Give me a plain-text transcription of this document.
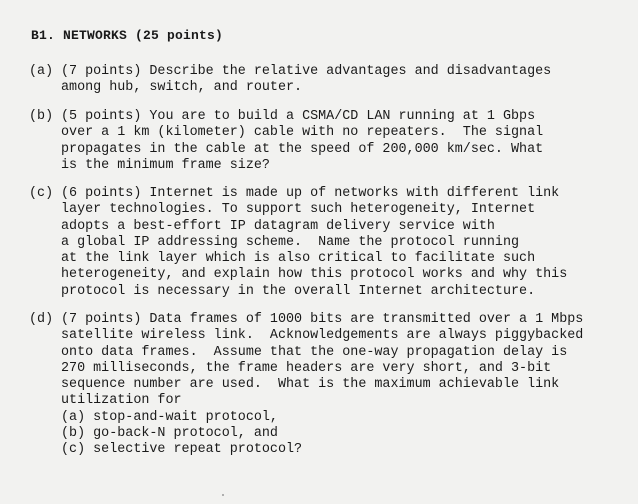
B1. NETWORKS (25 points)
(a) (7 points) Describe the relative advantages and disadvantages
among hub, switch, and router.
(b) (5 points) You are to build a CSMA/CD LAN running at 1 Gbps
over a 1 km (kilometer) cable with no repeaters.  The signal
propagates in the cable at the speed of 200,000 km/sec. What
is the minimum frame size?
(c) (6 points) Internet is made up of networks with different link
layer technologies. To support such heterogeneity, Internet
adopts a best-effort IP datagram delivery service with
a global IP addressing scheme.  Name the protocol running
at the link layer which is also critical to facilitate such
heterogeneity, and explain how this protocol works and why this
protocol is necessary in the overall Internet architecture.
(d) (7 points) Data frames of 1000 bits are transmitted over a 1 Mbps
satellite wireless link.  Acknowledgements are always piggybacked
onto data frames.  Assume that the one-way propagation delay is
270 milliseconds, the frame headers are very short, and 3-bit
sequence number are used.  What is the maximum achievable link
utilization for
(a) stop-and-wait protocol,
(b) go-back-N protocol, and
(c) selective repeat protocol?
